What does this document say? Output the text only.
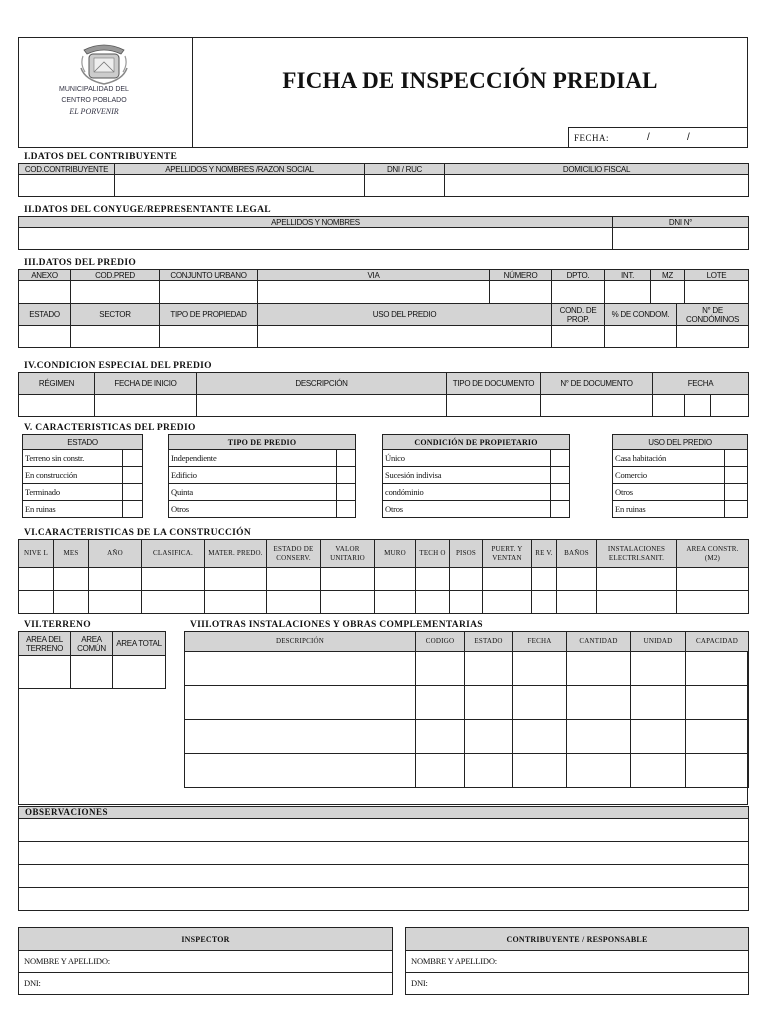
MUNICIPALIDAD DEL
CENTRO POBLADO
EL PORVENIR
FICHA DE INSPECCIÓN PREDIAL
FECHA:	/	/
I.DATOS DEL CONTRIBUYENTE
COD.CONTRIBUYENTE	APELLIDOS Y NOMBRES /RAZON SOCIAL	DNI / RUC	DOMICILIO FISCAL

II.DATOS DEL CONYUGE/REPRESENTANTE LEGAL
APELLIDOS Y NOMBRES	DNI N°

III.DATOS DEL PREDIO
ANEXO	COD.PRED	CONJUNTO URBANO	VIA	NÚMERO	DPTO.	INT.	MZ	LOTE

ESTADO	SECTOR	TIPO DE PROPIEDAD	USO DEL PREDIO	COND. DE PROP.	% DE CONDOM.	N° DE CONDÓMINOS

IV.CONDICION ESPECIAL DEL PREDIO
RÉGIMEN	FECHA DE INICIO	DESCRIPCIÓN	TIPO DE DOCUMENTO	N° DE DOCUMENTO	FECHA		

V. CARACTERISTICAS DEL PREDIO
ESTADO	
Terreno sin constr.	
En construcción	
Terminado	
En ruinas	
TIPO DE PREDIO	
Independiente	
Edificio	
Quinta	
Otros	
CONDICIÓN DE PROPIETARIO	
Único	
Sucesión indivisa	
condóminio	
Otros	
USO DEL PREDIO	
Casa habitación	
Comercio	
Otros	
En ruinas	
VI.CARACTERISTICAS DE LA CONSTRUCCIÓN
NIVE L	MES	AÑO	CLASIFICA.	MATER. PREDO.	ESTADO DE CONSERV.	VALOR UNITARIO	MURO	TECH O	PISOS	PUERT. Y VENTAN	RE V.	BAÑOS	INSTALACIONES ELECTRI.SANIT.	AREA CONSTR. (M2)

VII.TERRENO
AREA DEL TERRENO	AREA COMÚN	AREA TOTAL

VIII.OTRAS INSTALACIONES Y OBRAS COMPLEMENTARIAS
DESCRIPCIÓN	CODIGO	ESTADO	FECHA	CANTIDAD	UNIDAD	CAPACIDAD

OBSERVACIONES

INSPECTOR
NOMBRE Y APELLIDO:
DNI:
CONTRIBUYENTE / RESPONSABLE
NOMBRE Y APELLIDO:
DNI:
